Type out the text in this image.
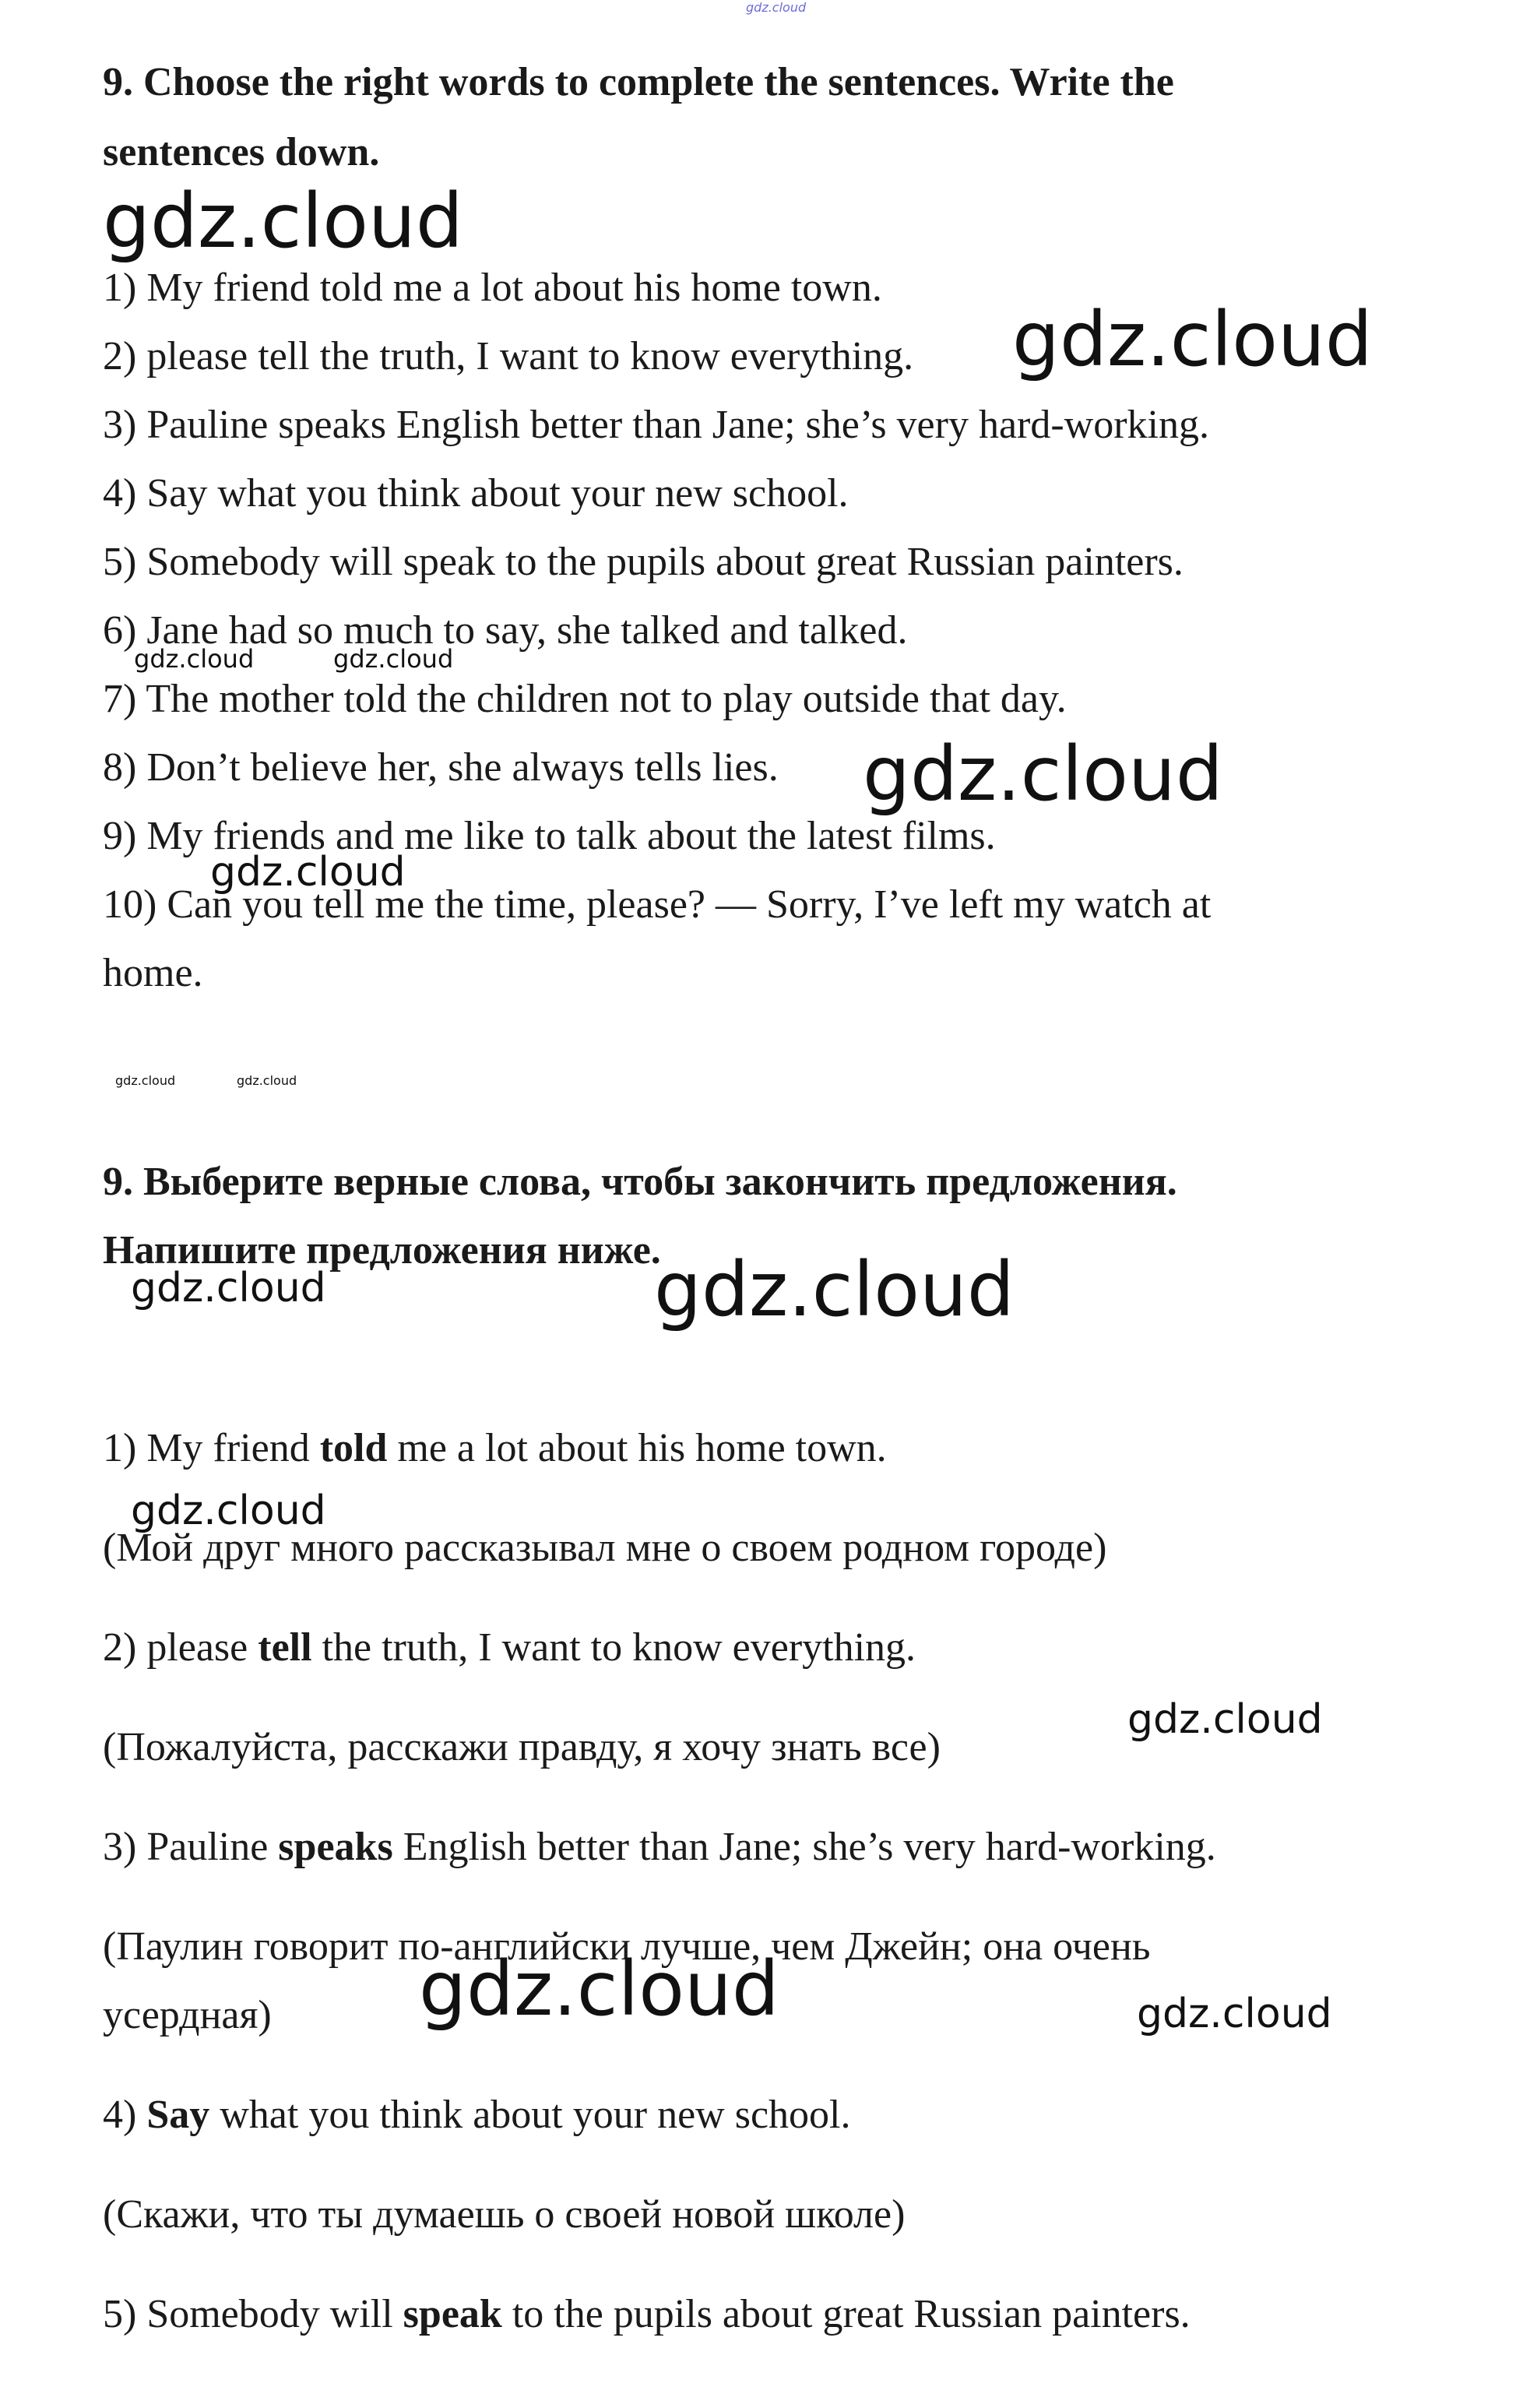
gdz.cloud

9. Choose the right words to complete the sentences. Write the

sentences down.

1) My friend told me a lot about his home town.

2) please tell the truth, I want to know everything.

3) Pauline speaks English better than Jane; she’s very hard-working.

4) Say what you think about your new school.

5) Somebody will speak to the pupils about great Russian painters.

6) Jane had so much to say, she talked and talked.

7) The mother told the children not to play outside that day.

8) Don’t believe her, she always tells lies.

9) My friends and me like to talk about the latest films.

10) Can you tell me the time, please? — Sorry, I’ve left my watch at

home.

9. Выберите верные слова, чтобы закончить предложения.

Напишите предложения ниже.

1) My friend told me a lot about his home town.

(Мой друг много рассказывал мне о своем родном городе)

2) please tell the truth, I want to know everything.

(Пожалуйста, расскажи правду, я хочу знать все)

3) Pauline speaks English better than Jane; she’s very hard-working.

(Паулин говорит по-английски лучше, чем Джейн; она очень

усердная)

4) Say what you think about your new school.

(Скажи, что ты думаешь о своей новой школе)

5) Somebody will speak to the pupils about great Russian painters.

gdz.cloud
gdz.cloud
gdz.cloud	gdz.cloud
gdz.cloud
gdz.cloud
gdz.cloud	gdz.cloud
gdz.cloud	gdz.cloud
gdz.cloud
gdz.cloud
gdz.cloud	gdz.cloud
